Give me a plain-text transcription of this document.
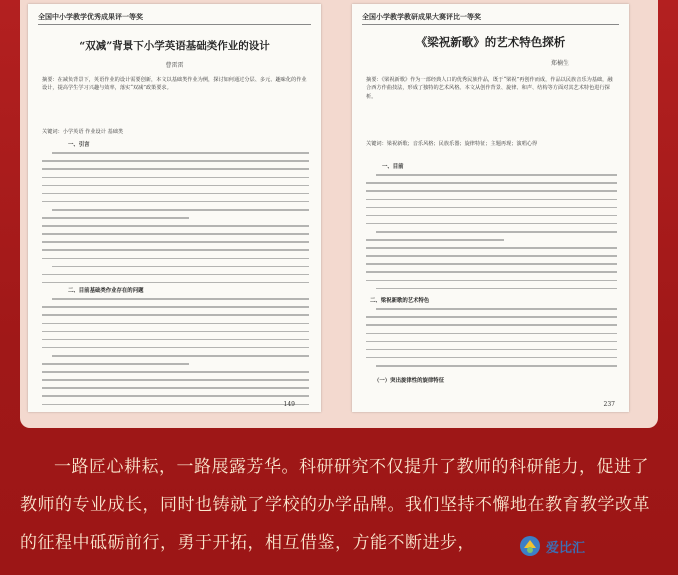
全国中小学教学优秀成果评一等奖
“双减”背景下小学英语基础类作业的设计
曹雷雷
摘要：在减负背景下，英语作业的设计需要创新，本文以基础类作业为例，探讨如何通过分层、多元、趣味化的作业设计，提高学生学习兴趣与效率，落实“双减”政策要求。
关键词：小学英语 作业设计 基础类
一、引言
二、目前基础类作业存在的问题
149
全国小学教学教研成果大赛评比一等奖
《梁祝新歌》的艺术特色探析
郑楠生
摘要：《梁祝新歌》作为一部经典人口的优秀民族作品，既于“梁祝”再创作而成，作品以民族音乐为基础，融合西方作曲技法，形成了独特的艺术风格。本文从创作背景、旋律、和声、结构等方面对其艺术特色进行探析。
关键词：梁祝新歌；音乐风格；民族乐器；旋律特征；主题再现；演唱心得
一、目前
二、梁祝新歌的艺术特色
（一）突出旋律性的旋律特征
237
一路匠心耕耘，一路展露芳华。科研研究不仅提升了教师的科研能力，促进了教师的专业成长，同时也铸就了学校的办学品牌。我们坚持不懈地在教育教学改革的征程中砥砺前行，勇于开拓，相互借鉴，方能不断进步，	爱比汇
